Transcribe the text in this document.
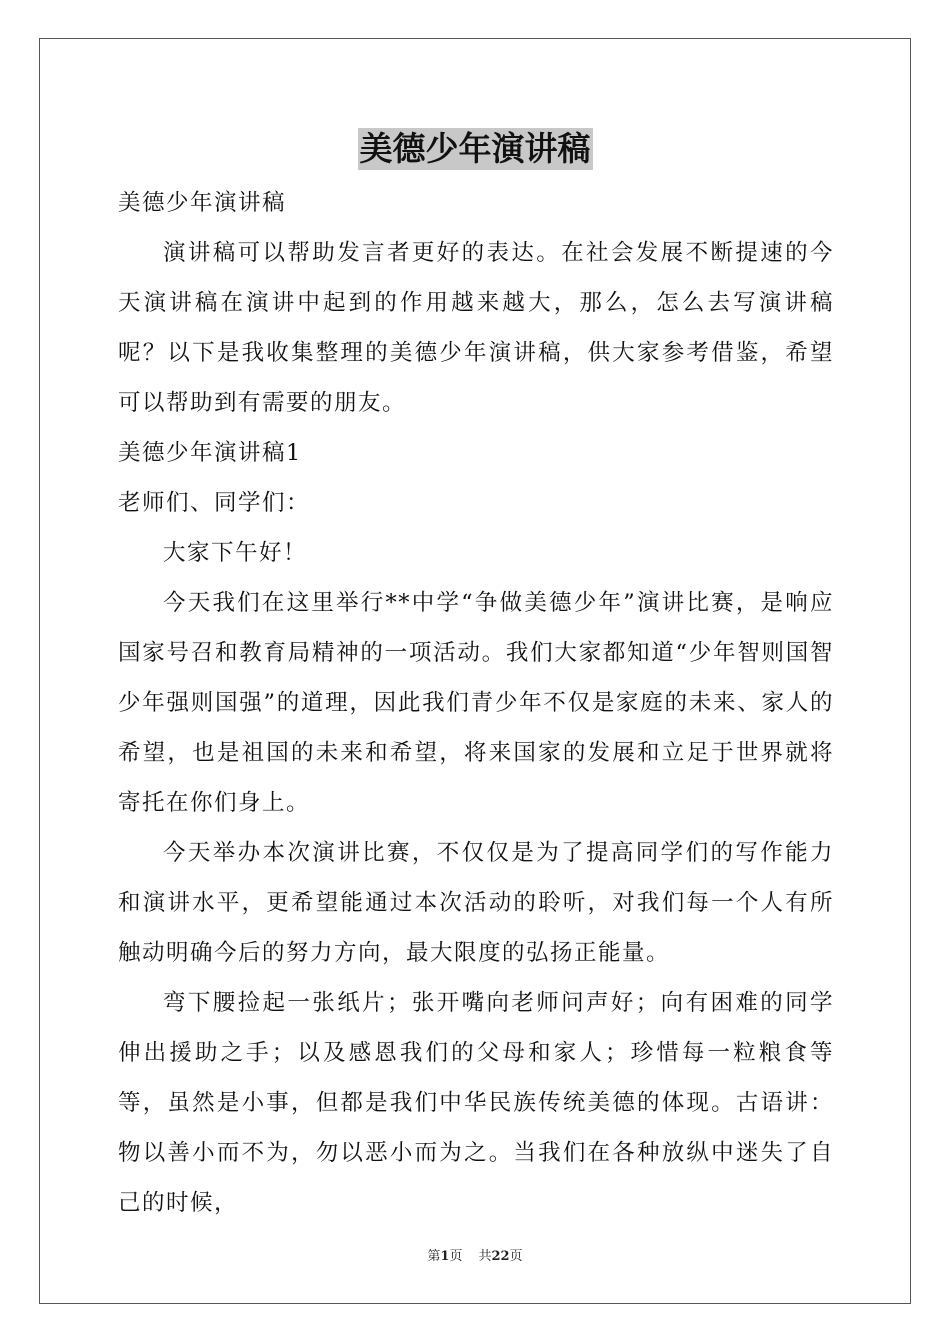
美德少年演讲稿

美德少年演讲稿

演讲稿可以帮助发言者更好的表达。在社会发展不断提速的今天演讲稿在演讲中起到的作用越来越大，那么，怎么去写演讲稿呢？以下是我收集整理的美德少年演讲稿，供大家参考借鉴，希望可以帮助到有需要的朋友。

美德少年演讲稿1

老师们、同学们：

大家下午好！

今天我们在这里举行**中学“争做美德少年”演讲比赛，是响应国家号召和教育局精神的一项活动。我们大家都知道“少年智则国智少年强则国强”的道理，因此我们青少年不仅是家庭的未来、家人的希望，也是祖国的未来和希望，将来国家的发展和立足于世界就将寄托在你们身上。

今天举办本次演讲比赛，不仅仅是为了提高同学们的写作能力和演讲水平，更希望能通过本次活动的聆听，对我们每一个人有所触动明确今后的努力方向，最大限度的弘扬正能量。

弯下腰捡起一张纸片；张开嘴向老师问声好；向有困难的同学伸出援助之手；以及感恩我们的父母和家人；珍惜每一粒粮食等等，虽然是小事，但都是我们中华民族传统美德的体现。古语讲：物以善小而不为，勿以恶小而为之。当我们在各种放纵中迷失了自己的时候，

第1页 共22页
